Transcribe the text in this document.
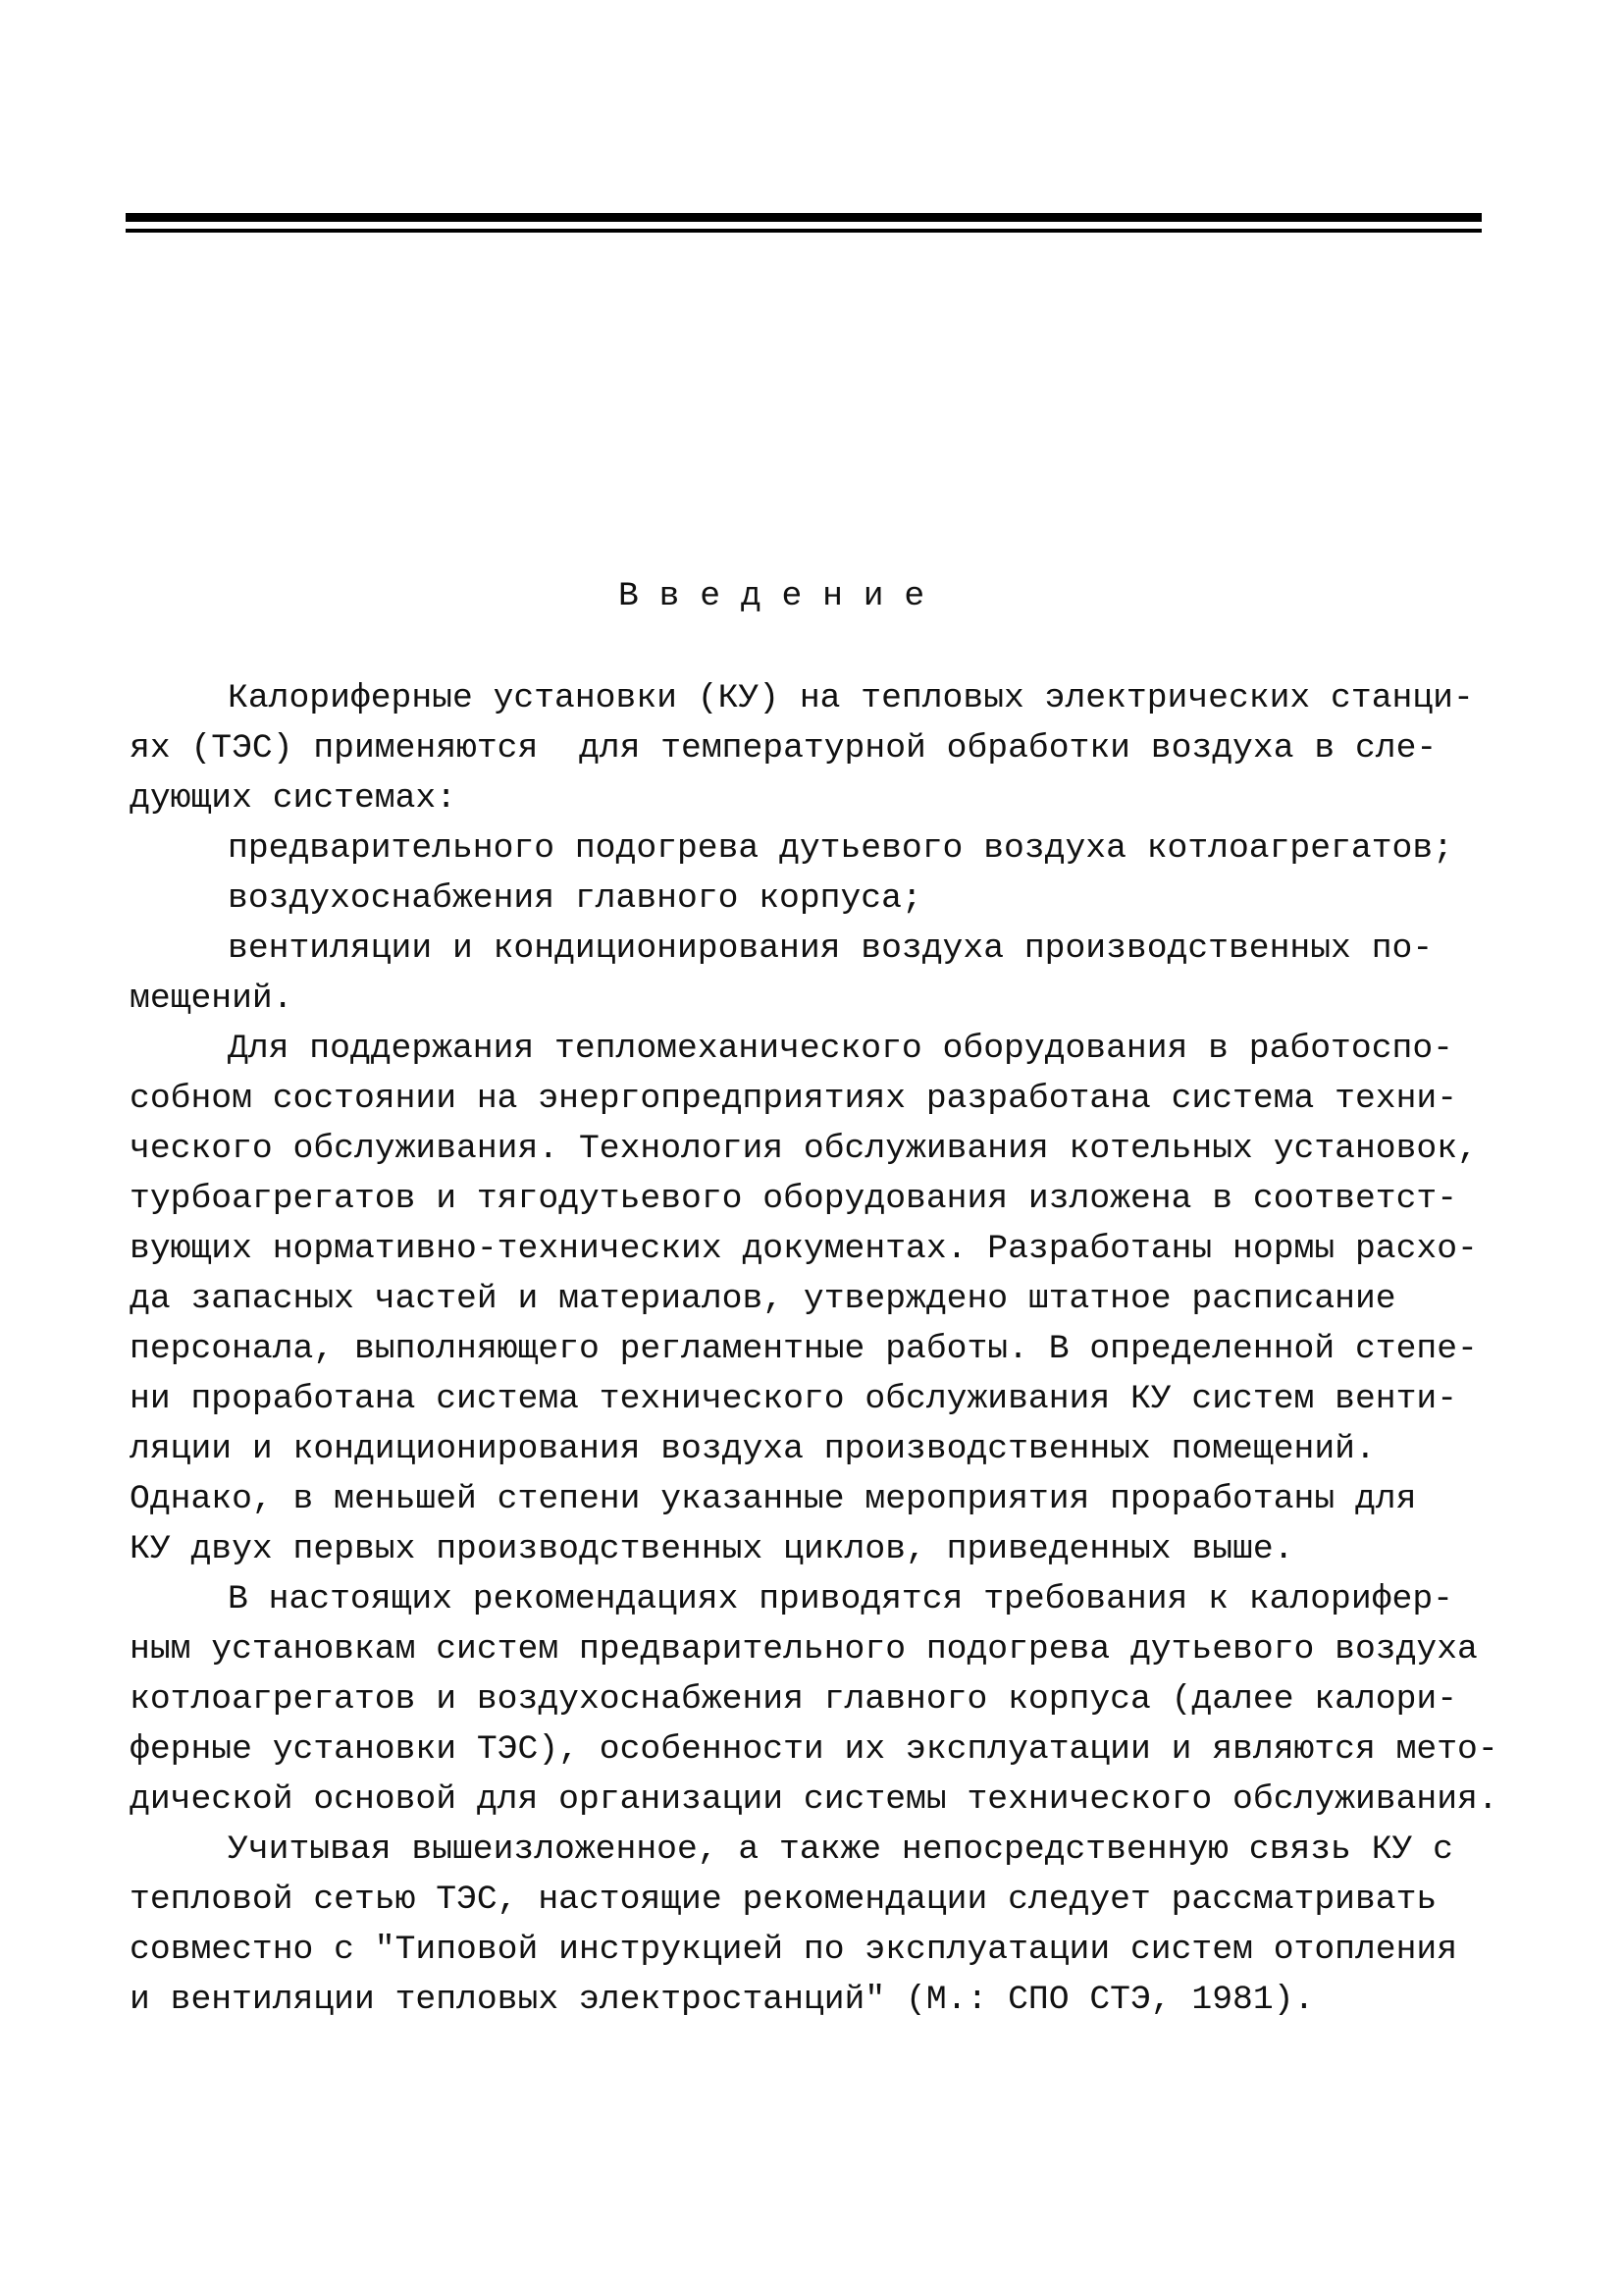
В в е д е н и е
Калориферные установки (КУ) на тепловых электрических станци-
ях (ТЭС) применяются  для температурной обработки воздуха в сле-
дующих системах:
предварительного подогрева дутьевого воздуха котлоагрегатов;
воздухоснабжения главного корпуса;
вентиляции и кондиционирования воздуха производственных по-
мещений.
Для поддержания тепломеханического оборудования в работоспо-
собном состоянии на энергопредприятиях разработана система техни-
ческого обслуживания. Технология обслуживания котельных установок,
турбоагрегатов и тягодутьевого оборудования изложена в соответст-
вующих нормативно-технических документах. Разработаны нормы расхо-
да запасных частей и материалов, утверждено штатное расписание
персонала, выполняющего регламентные работы. В определенной степе-
ни проработана система технического обслуживания КУ систем венти-
ляции и кондиционирования воздуха производственных помещений.
Однако, в меньшей степени указанные мероприятия проработаны для
КУ двух первых производственных циклов, приведенных выше.
В настоящих рекомендациях приводятся требования к калорифер-
ным установкам систем предварительного подогрева дутьевого воздуха
котлоагрегатов и воздухоснабжения главного корпуса (далее калори-
ферные установки ТЭС), особенности их эксплуатации и являются мето-
дической основой для организации системы технического обслуживания.
Учитывая вышеизложенное, а также непосредственную связь КУ с
тепловой сетью ТЭС, настоящие рекомендации следует рассматривать
совместно с "Типовой инструкцией по эксплуатации систем отопления
и вентиляции тепловых электростанций" (М.: СПО СТЭ, 1981).
